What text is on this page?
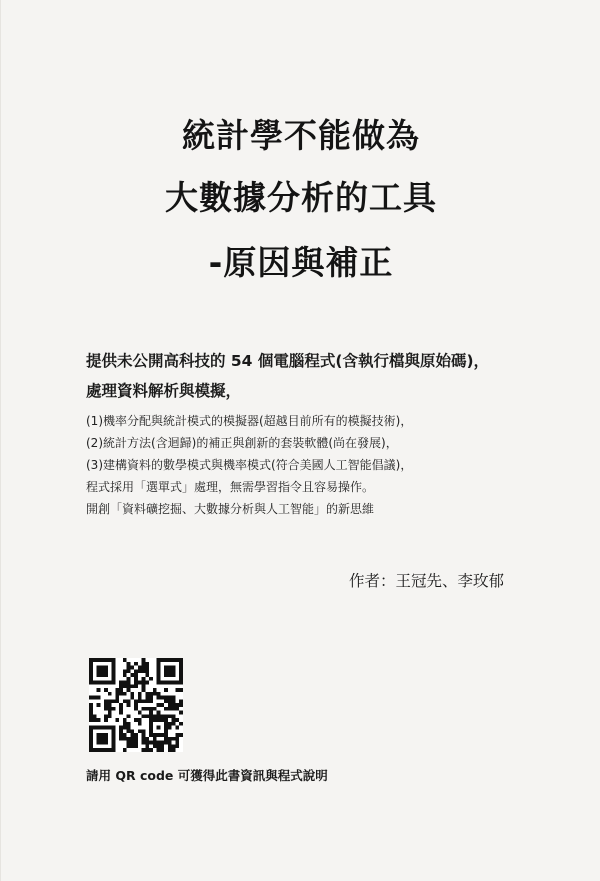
統計學不能做為
大數據分析的工具
-原因與補正
提供未公開高科技的 54 個電腦程式(含執行檔與原始碼)，
處理資料解析與模擬，
(1)機率分配與統計模式的模擬器(超越目前所有的模擬技術)，
(2)統計方法(含迴歸)的補正與創新的套裝軟體(尚在發展)，
(3)建構資料的數學模式與機率模式(符合美國人工智能倡議)，
程式採用「選單式」處理，無需學習指令且容易操作。
開創「資料礦挖掘、大數據分析與人工智能」的新思維
作者：王冠先、李玫郁
請用 QR code 可獲得此書資訊與程式說明
